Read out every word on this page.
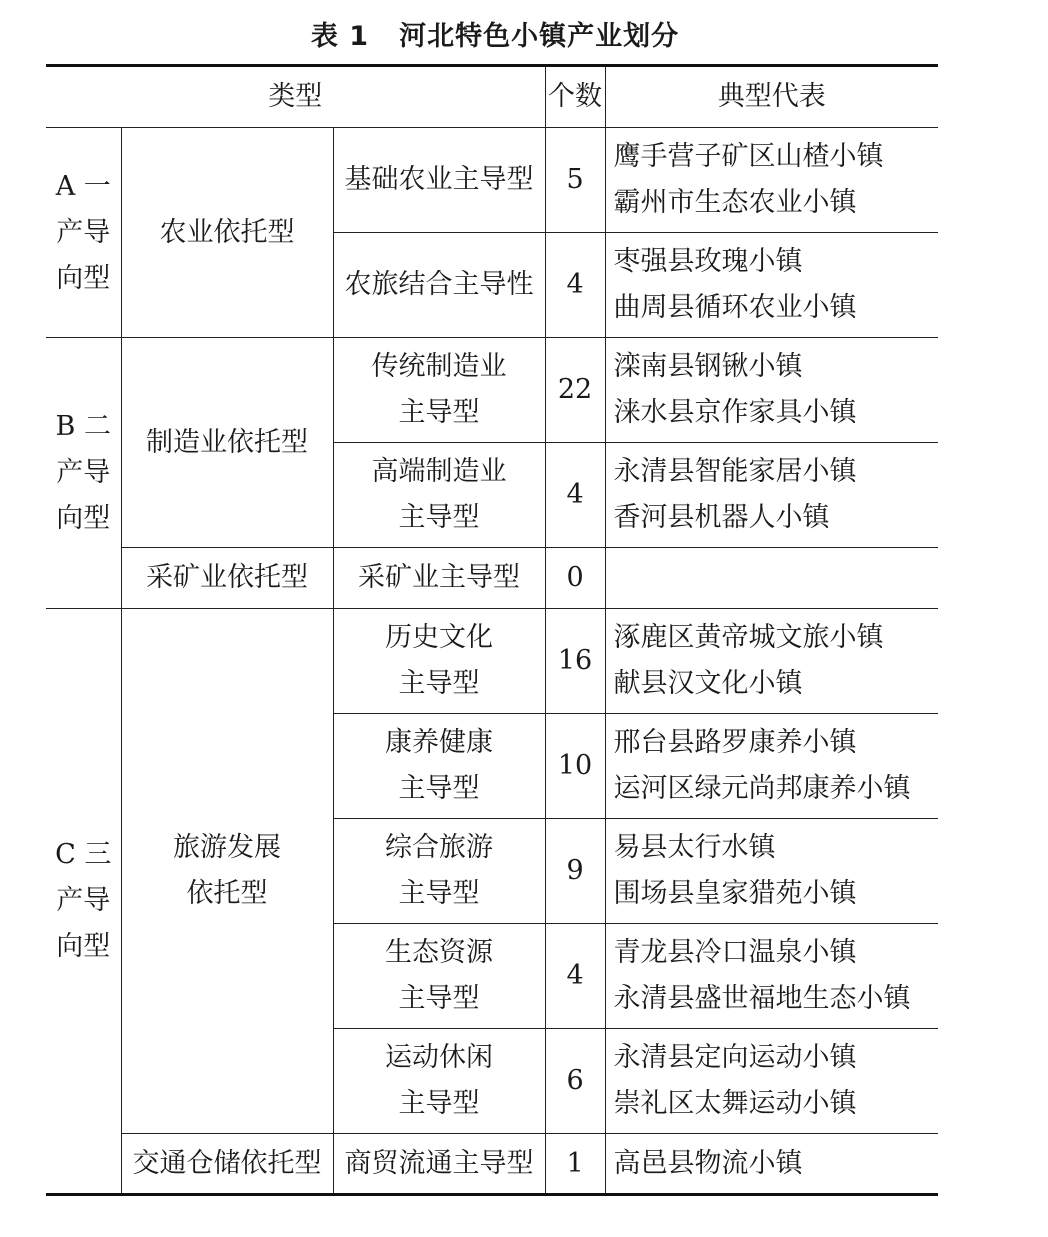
表 1 河北特色小镇产业划分
类型			个数	典型代表

A 一
产导
向型	农业依托型	基础农业主导型	5	鹰手营子矿区山楂小镇
霸州市生态农业小镇

		农旅结合主导性	4	枣强县玫瑰小镇
曲周县循环农业小镇

B 二
产导
向型	制造业依托型	传统制造业
主导型	22	滦南县钢锹小镇
涞水县京作家具小镇

		高端制造业
主导型	4	永清县智能家居小镇
香河县机器人小镇

	采矿业依托型	采矿业主导型	0	

C 三
产导
向型	旅游发展
依托型	历史文化
主导型	16	涿鹿区黄帝城文旅小镇
献县汉文化小镇

		康养健康
主导型	10	邢台县路罗康养小镇
运河区绿元尚邦康养小镇

		综合旅游
主导型	9	易县太行水镇
围场县皇家猎苑小镇

		生态资源
主导型	4	青龙县冷口温泉小镇
永清县盛世福地生态小镇

		运动休闲
主导型	6	永清县定向运动小镇
崇礼区太舞运动小镇

	交通仓储依托型	商贸流通主导型	1	高邑县物流小镇
